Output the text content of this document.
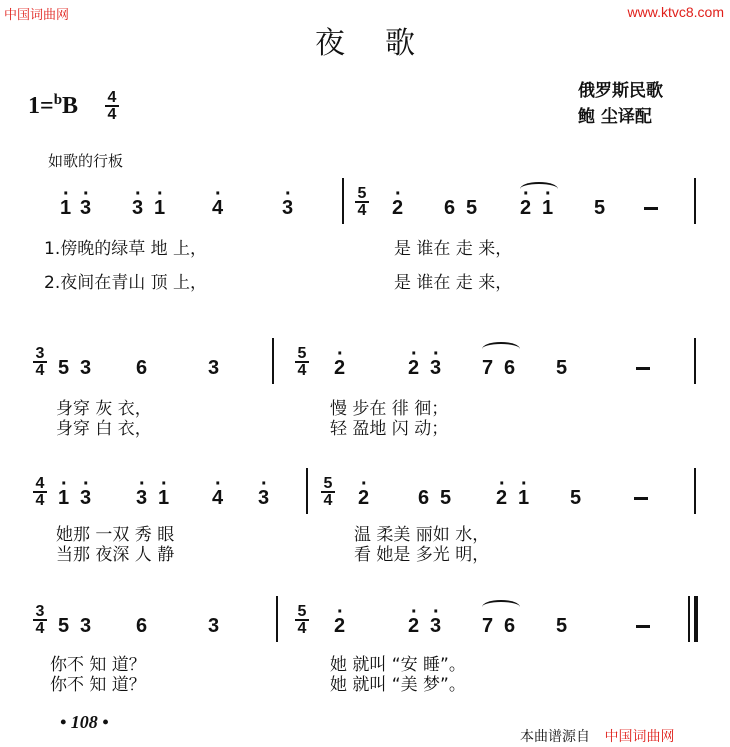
中国词曲网	www.ktvc8.com
夜歌
1=$^b$B 4
4
俄罗斯民歌
鲍 尘译配
如歌的行板
· 1 · 3 · 3 · 1 · 4	· 3
5
4 · 2 6 5 · 2 · 1 5
1.傍晚的绿草 地 上，	是 谁在 走 来，
2.夜间在青山 顶 上，	是 谁在 走 来，
3
4 5 3 6	3
5
4 · 2	· 2 · 3 7 6 5
身穿 灰 衣，	慢 步在 徘 徊；
身穿 白 衣，	轻 盈地 闪 动；
4
4 · 1 · 3 · 3 · 1 · 4 · 3
5
4 · 2 6 5 · 2 · 1 5
她那 一双 秀 眼	温 柔美 丽如 水，
当那 夜深 人 静	看 她是 多光 明，
3
4 5 3 6	3
5
4 · 2	· 2 · 3 7 6 5
你不 知 道？	她 就叫 “安 睡”。
你不 知 道？	她 就叫 “美 梦”。
• 108 •
本曲谱源自 中国词曲网
